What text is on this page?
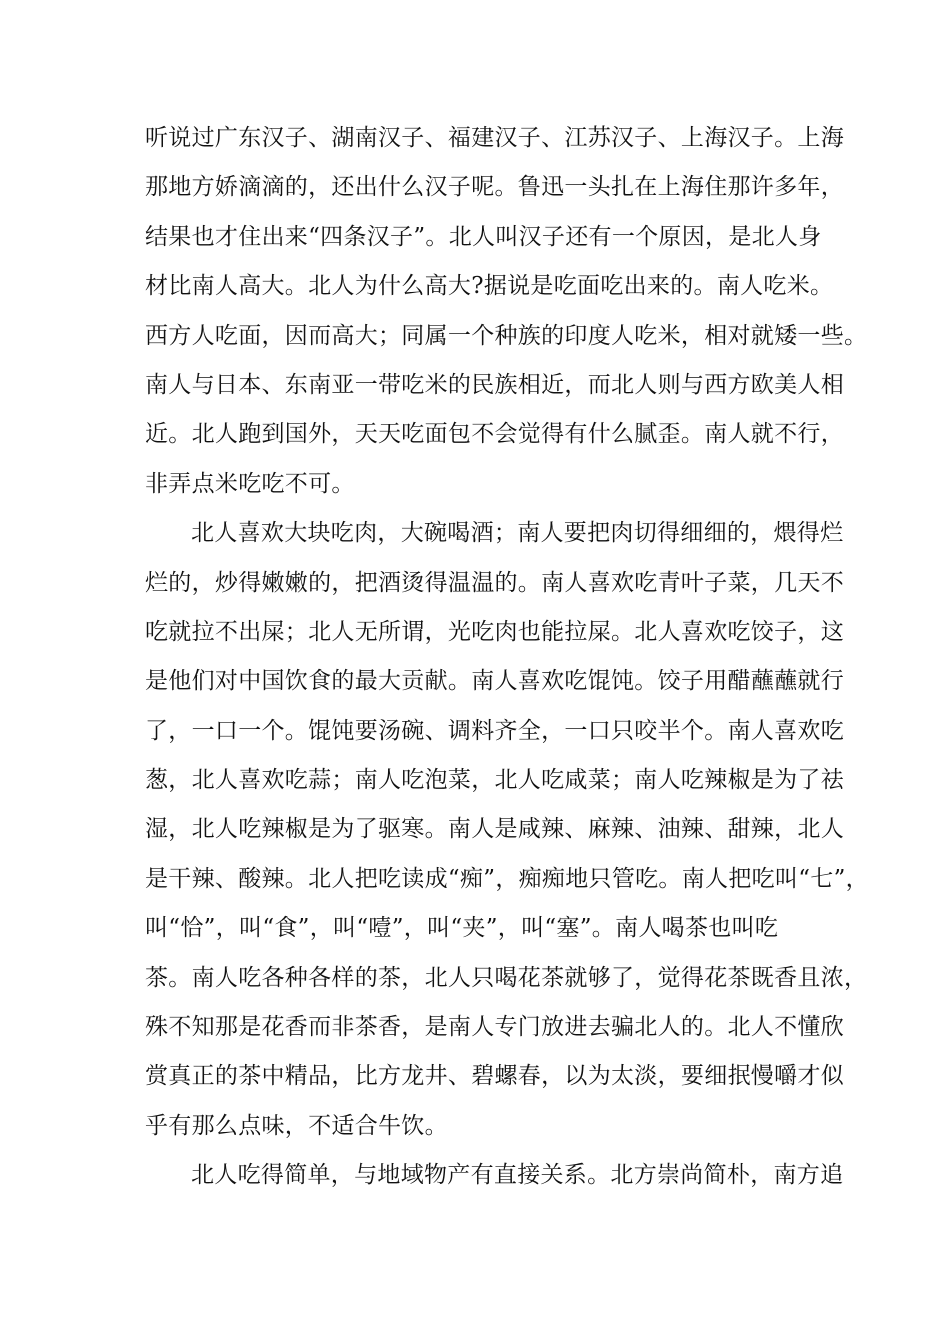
听说过广东汉子、湖南汉子、福建汉子、江苏汉子、上海汉子。上海
那地方娇滴滴的，还出什么汉子呢。鲁迅一头扎在上海住那许多年，
结果也才住出来“四条汉子”。北人叫汉子还有一个原因，是北人身
材比南人高大。北人为什么高大?据说是吃面吃出来的。南人吃米。
西方人吃面，因而高大；同属一个种族的印度人吃米，相对就矮一些。
南人与日本、东南亚一带吃米的民族相近，而北人则与西方欧美人相
近。北人跑到国外，天天吃面包不会觉得有什么腻歪。南人就不行，
非弄点米吃吃不可。
北人喜欢大块吃肉，大碗喝酒；南人要把肉切得细细的，煨得烂
烂的，炒得嫩嫩的，把酒烫得温温的。南人喜欢吃青叶子菜，几天不
吃就拉不出屎；北人无所谓，光吃肉也能拉屎。北人喜欢吃饺子，这
是他们对中国饮食的最大贡献。南人喜欢吃馄饨。饺子用醋蘸蘸就行
了，一口一个。馄饨要汤碗、调料齐全，一口只咬半个。南人喜欢吃
葱，北人喜欢吃蒜；南人吃泡菜，北人吃咸菜；南人吃辣椒是为了祛
湿，北人吃辣椒是为了驱寒。南人是咸辣、麻辣、油辣、甜辣，北人
是干辣、酸辣。北人把吃读成“痴”，痴痴地只管吃。南人把吃叫“七”，
叫“恰”，叫“食”，叫“噎”，叫“夹”，叫“塞”。南人喝茶也叫吃
茶。南人吃各种各样的茶，北人只喝花茶就够了，觉得花茶既香且浓，
殊不知那是花香而非茶香，是南人专门放进去骗北人的。北人不懂欣
赏真正的茶中精品，比方龙井、碧螺春，以为太淡，要细抿慢嚼才似
乎有那么点味，不适合牛饮。
北人吃得简单，与地域物产有直接关系。北方崇尚简朴，南方追
